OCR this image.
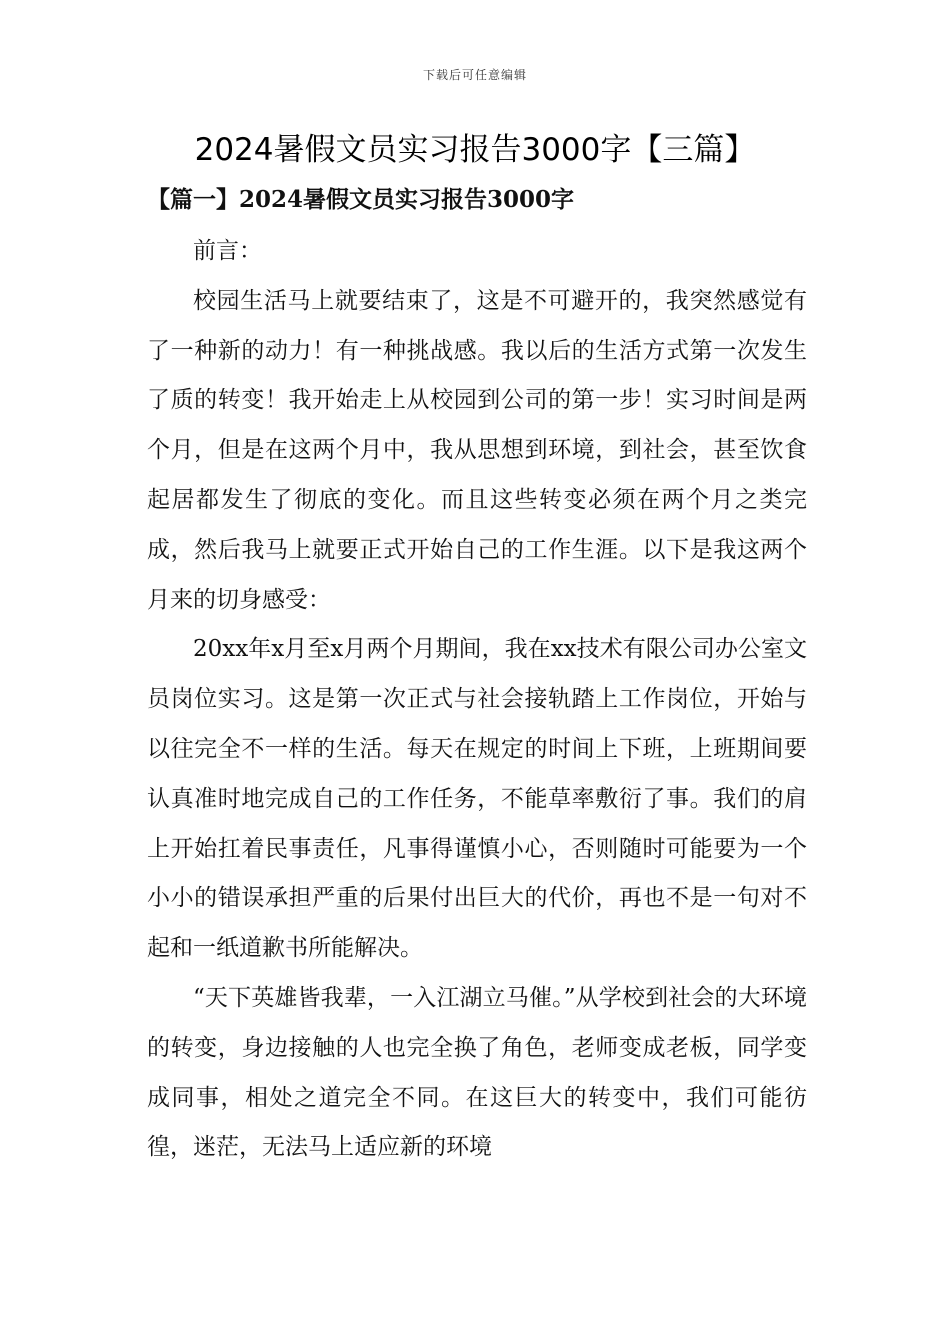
下载后可任意编辑
2024暑假文员实习报告3000字【三篇】
【篇一】2024暑假文员实习报告3000字

前言：

校园生活马上就要结束了，这是不可避开的，我突然感觉有了一种新的动力！有一种挑战感。我以后的生活方式第一次发生了质的转变！我开始走上从校园到公司的第一步！实习时间是两个月，但是在这两个月中，我从思想到环境，到社会，甚至饮食起居都发生了彻底的变化。而且这些转变必须在两个月之类完成，然后我马上就要正式开始自己的工作生涯。以下是我这两个月来的切身感受：

20xx年x月至x月两个月期间，我在xx技术有限公司办公室文员岗位实习。这是第一次正式与社会接轨踏上工作岗位，开始与以往完全不一样的生活。每天在规定的时间上下班，上班期间要认真准时地完成自己的工作任务，不能草率敷衍了事。我们的肩上开始扛着民事责任，凡事得谨慎小心，否则随时可能要为一个小小的错误承担严重的后果付出巨大的代价，再也不是一句对不起和一纸道歉书所能解决。

“天下英雄皆我辈，一入江湖立马催。”从学校到社会的大环境的转变，身边接触的人也完全换了角色，老师变成老板，同学变成同事，相处之道完全不同。在这巨大的转变中，我们可能彷徨，迷茫，无法马上适应新的环境
